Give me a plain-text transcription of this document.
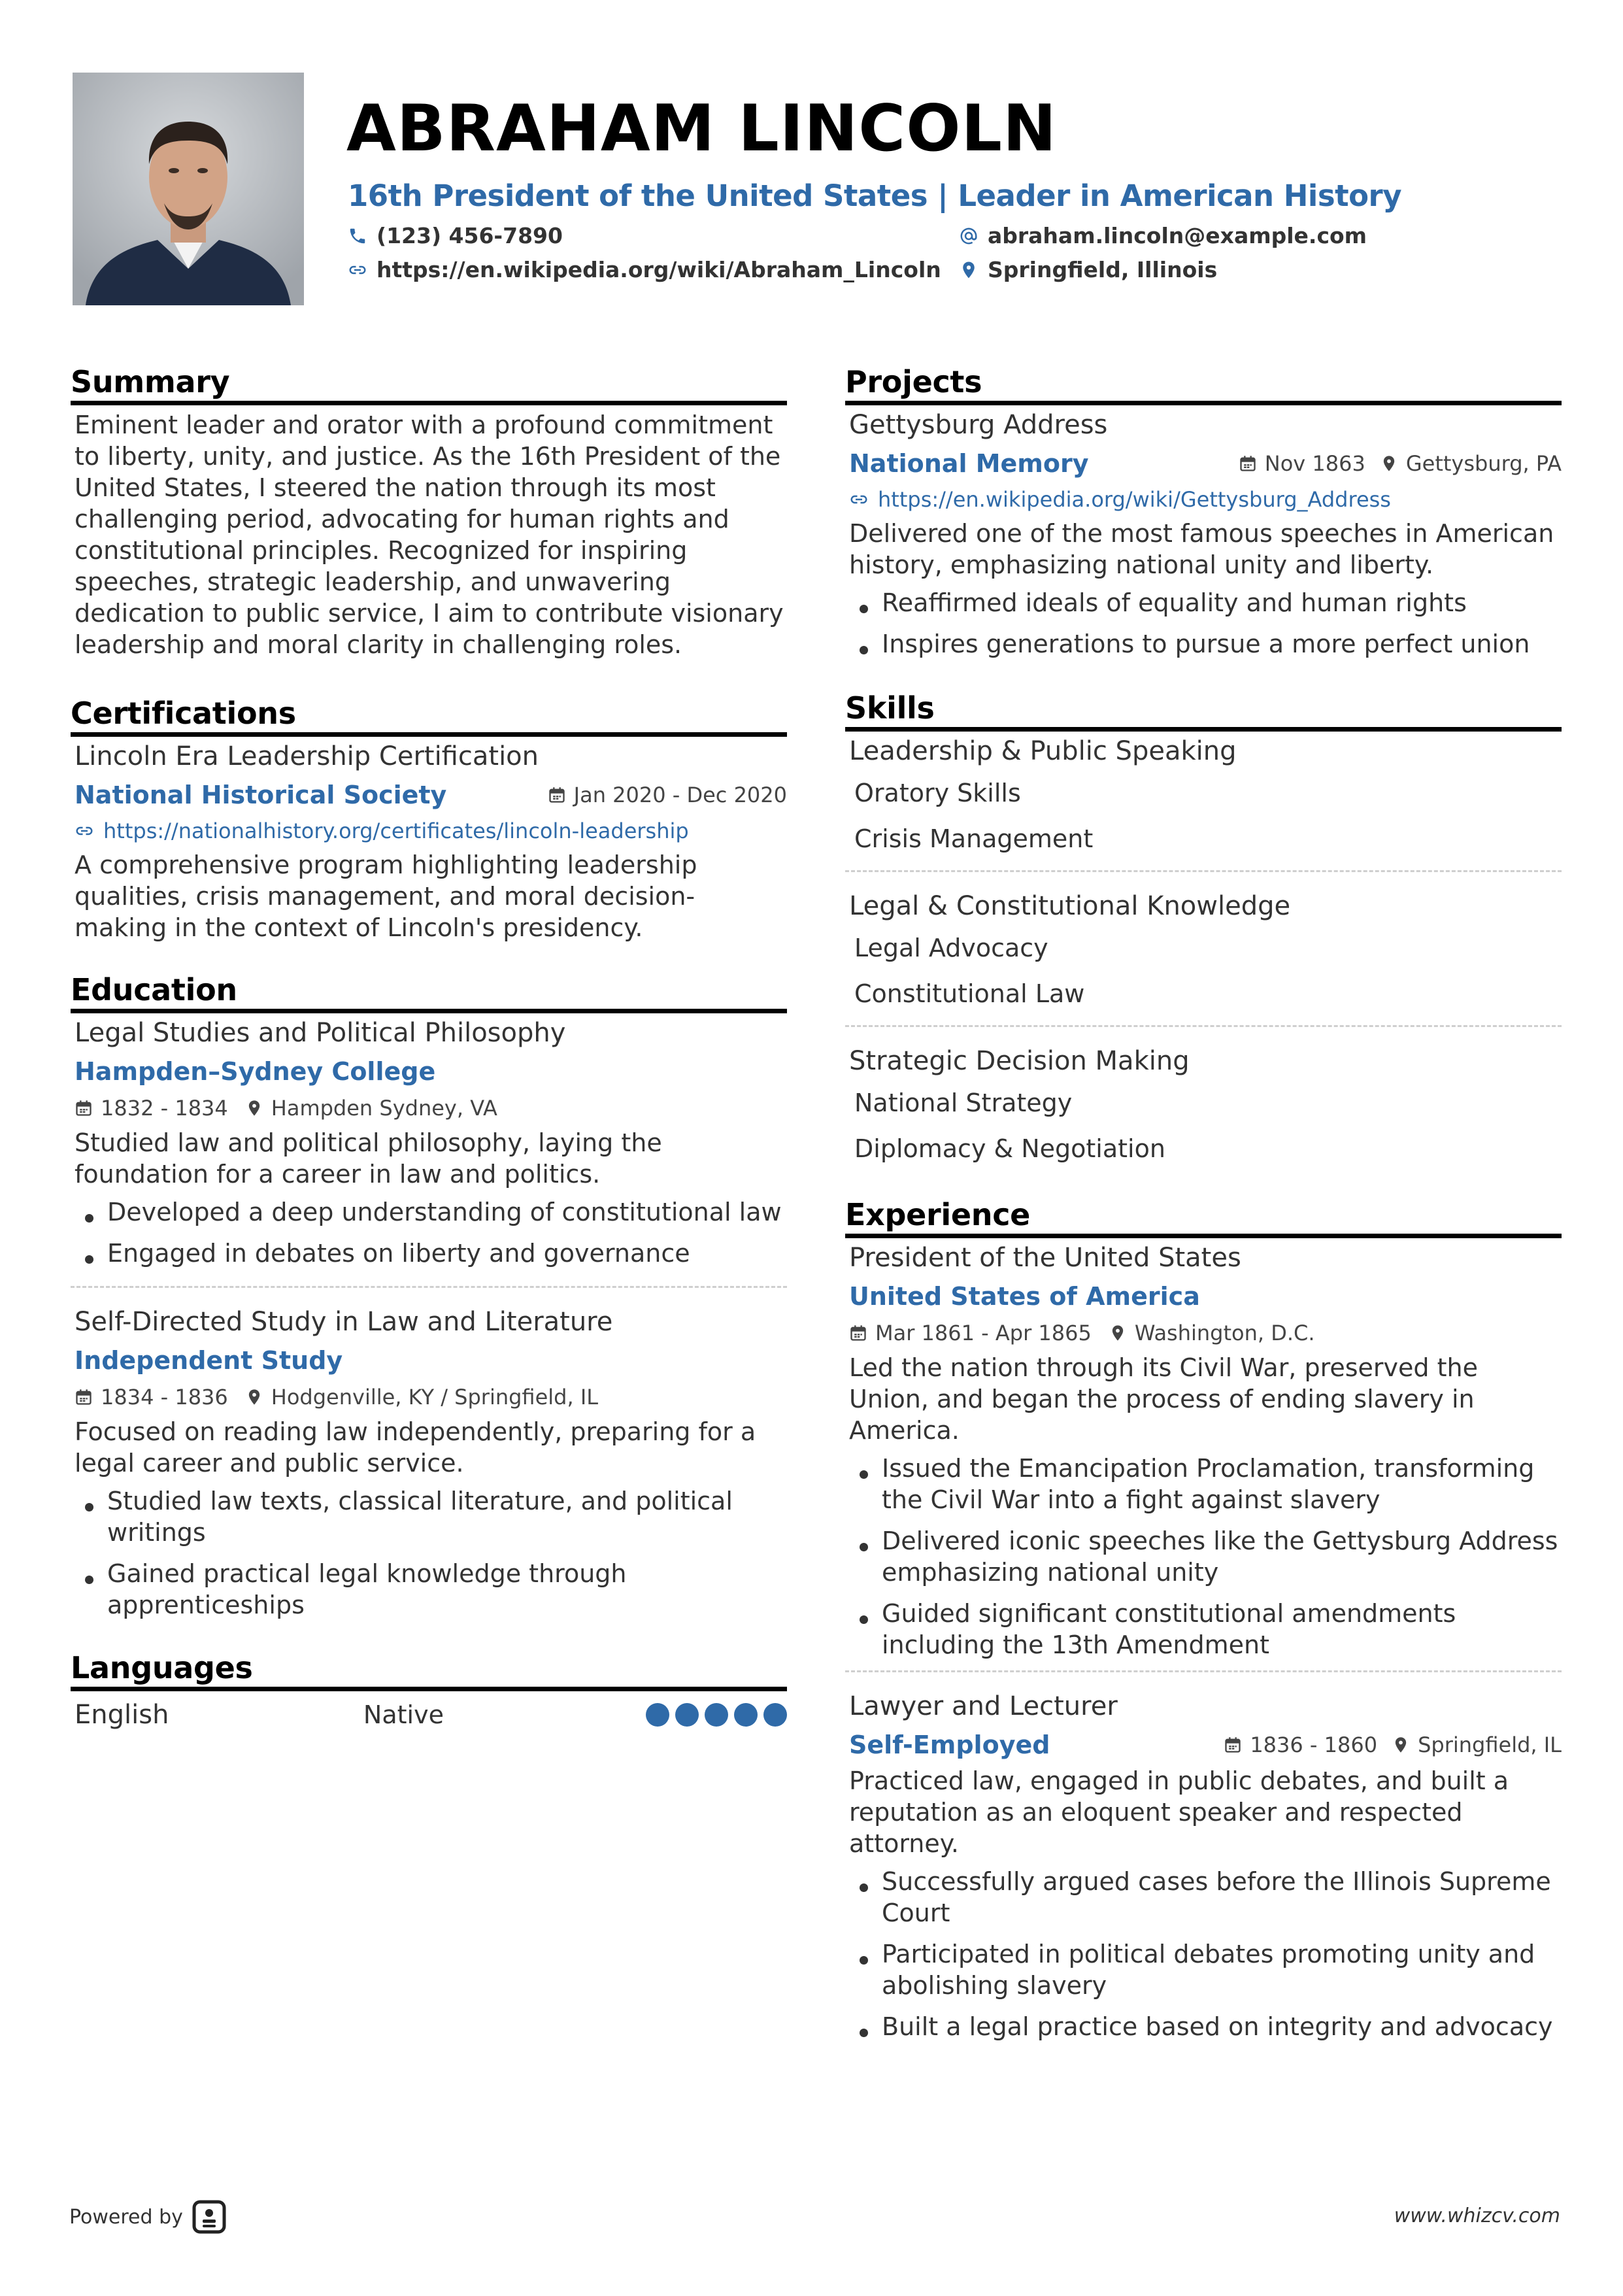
ABRAHAM LINCOLN
16th President of the United States | Leader in American History
(123) 456-7890	abraham.lincoln@example.com
https://en.wikipedia.org/wiki/Abraham_Lincoln Springfield, Illinois
Summary
Eminent leader and orator with a profound commitment to liberty, unity, and justice. As the 16th President of the United States, I steered the nation through its most challenging period, advocating for human rights and constitutional principles. Recognized for inspiring speeches, strategic leadership, and unwavering dedication to public service, I aim to contribute visionary leadership and moral clarity in challenging roles.
Certifications
Lincoln Era Leadership Certification
National Historical Society	Jan 2020 - Dec 2020
https://nationalhistory.org/certificates/lincoln-leadership
A comprehensive program highlighting leadership qualities, crisis management, and moral decision-making in the context of Lincoln's presidency.
Education
Legal Studies and Political Philosophy
Hampden–Sydney College
1832 - 1834 Hampden Sydney, VA
Studied law and political philosophy, laying the foundation for a career in law and politics.
Developed a deep understanding of constitutional law
Engaged in debates on liberty and governance
Self-Directed Study in Law and Literature
Independent Study
1834 - 1836 Hodgenville, KY / Springfield, IL
Focused on reading law independently, preparing for a legal career and public service.
Studied law texts, classical literature, and political writings
Gained practical legal knowledge through apprenticeships
Languages
English	Native
Projects
Gettysburg Address
National Memory	Nov 1863 Gettysburg, PA
https://en.wikipedia.org/wiki/Gettysburg_Address
Delivered one of the most famous speeches in American history, emphasizing national unity and liberty.
Reaffirmed ideals of equality and human rights
Inspires generations to pursue a more perfect union
Skills
Leadership & Public Speaking
Oratory Skills
Crisis Management
Legal & Constitutional Knowledge
Legal Advocacy
Constitutional Law
Strategic Decision Making
National Strategy
Diplomacy & Negotiation
Experience
President of the United States
United States of America
Mar 1861 - Apr 1865 Washington, D.C.
Led the nation through its Civil War, preserved the Union, and began the process of ending slavery in America.
Issued the Emancipation Proclamation, transforming the Civil War into a fight against slavery
Delivered iconic speeches like the Gettysburg Address emphasizing national unity
Guided significant constitutional amendments including the 13th Amendment
Lawyer and Lecturer
Self-Employed	1836 - 1860 Springfield, IL
Practiced law, engaged in public debates, and built a reputation as an eloquent speaker and respected attorney.
Successfully argued cases before the Illinois Supreme Court
Participated in political debates promoting unity and abolishing slavery
Built a legal practice based on integrity and advocacy
Powered by	www.whizcv.com
